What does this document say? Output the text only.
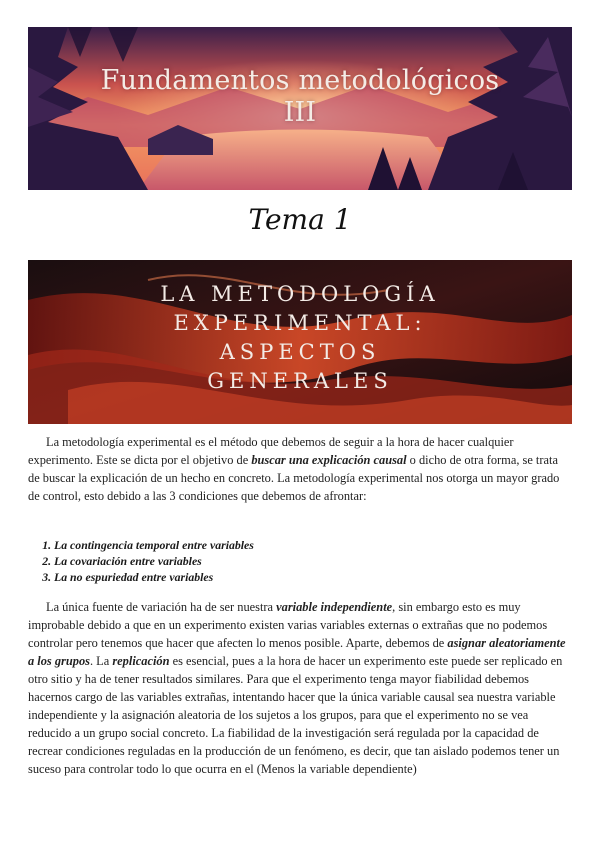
Fundamentos metodológicos
III
Tema 1
LA METODOLOGÍA
EXPERIMENTAL:
ASPECTOS
GENERALES
La metodología experimental es el método que debemos de seguir a la hora de hacer cualquier experimento. Este se dicta por el objetivo de buscar una explicación causal o dicho de otra forma, se trata de buscar la explicación de un hecho en concreto. La metodología experimental nos otorga un mayor grado de control, esto debido a las 3 condiciones que debemos de afrontar:
1. La contingencia temporal entre variables
2. La covariación entre variables
3. La no espuriedad entre variables
La única fuente de variación ha de ser nuestra variable independiente, sin embargo esto es muy improbable debido a que en un experimento existen varias variables externas o extrañas que no podemos controlar pero tenemos que hacer que afecten lo menos posible. Aparte, debemos de asignar aleatoriamente a los grupos. La replicación es esencial, pues a la hora de hacer un experimento este puede ser replicado en otro sitio y ha de tener resultados similares. Para que el experimento tenga mayor fiabilidad debemos hacernos cargo de las variables extrañas, intentando hacer que la única variable causal sea nuestra variable independiente y la asignación aleatoria de los sujetos a los grupos, para que el experimento no se vea reducido a un grupo social concreto. La fiabilidad de la investigación será regulada por la capacidad de recrear condiciones reguladas en la producción de un fenómeno, es decir, que tan aislado podemos tener un suceso para controlar todo lo que ocurra en el (Menos la variable dependiente)
